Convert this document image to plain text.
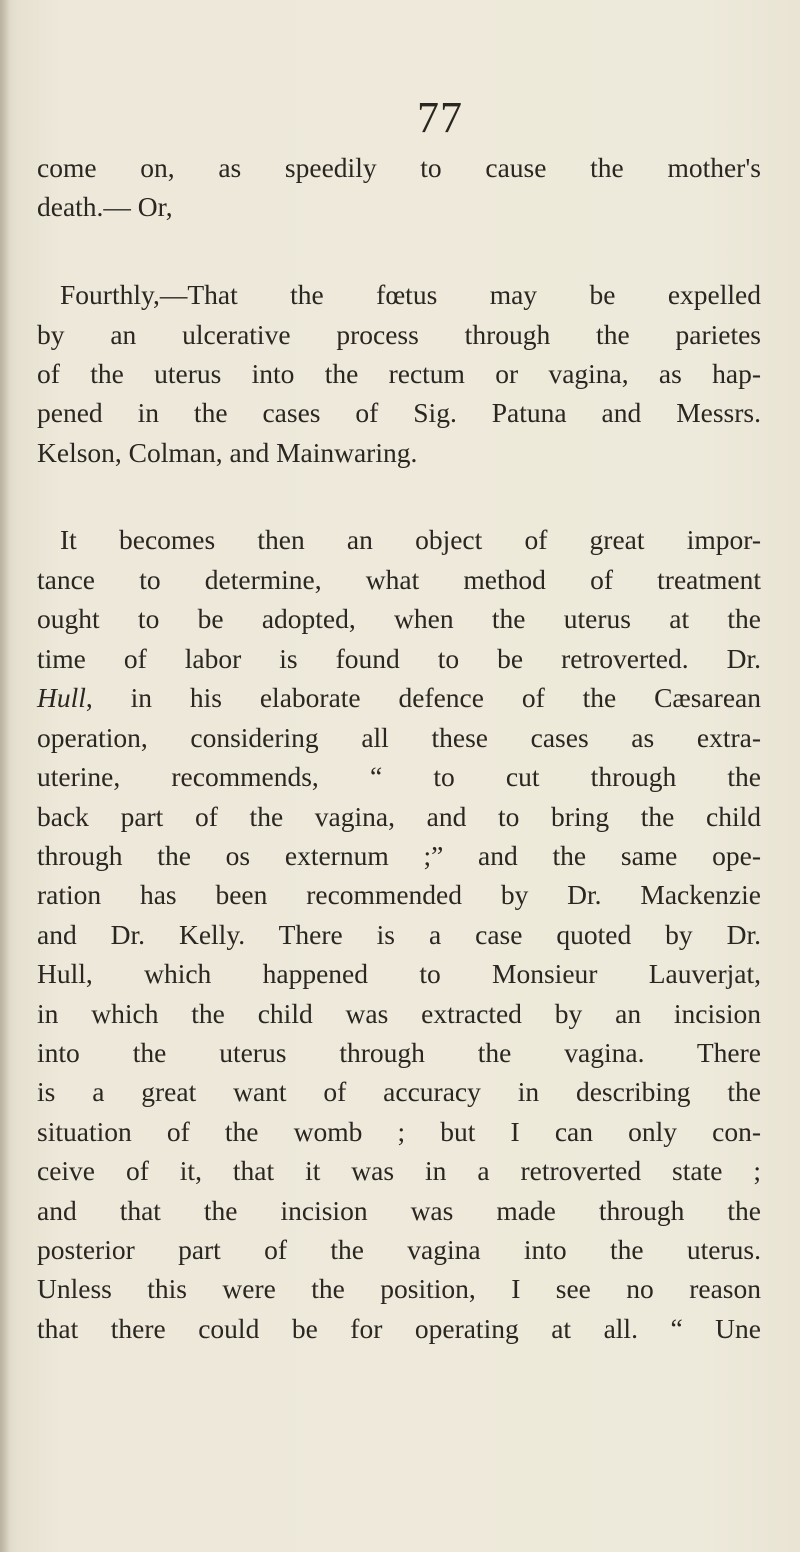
77
come on, as speedily to cause the mother's
death.— Or,
Fourthly,—That the fœtus may be expelled
by an ulcerative process through the parietes
of the uterus into the rectum or vagina, as hap-
pened in the cases of Sig. Patuna and Messrs.
Kelson, Colman, and Mainwaring.
It becomes then an object of great impor-
tance to determine, what method of treatment
ought to be adopted, when the uterus at the
time of labor is found to be retroverted. Dr.
Hull , in his elaborate defence of the Cæsarean
operation, considering all these cases as extra-
uterine, recommends, “ to cut through the
back part of the vagina, and to bring the child
through the os externum ;” and the same ope-
ration has been recommended by Dr. Mackenzie
and Dr. Kelly. There is a case quoted by Dr.
Hull, which happened to Monsieur Lauverjat,
in which the child was extracted by an incision
into the uterus through the vagina. There
is a great want of accuracy in describing the
situation of the womb ; but I can only con-
ceive of it, that it was in a retroverted state ;
and that the incision was made through the
posterior part of the vagina into the uterus.
Unless this were the position, I see no reason
that there could be for operating at all. “ Une
